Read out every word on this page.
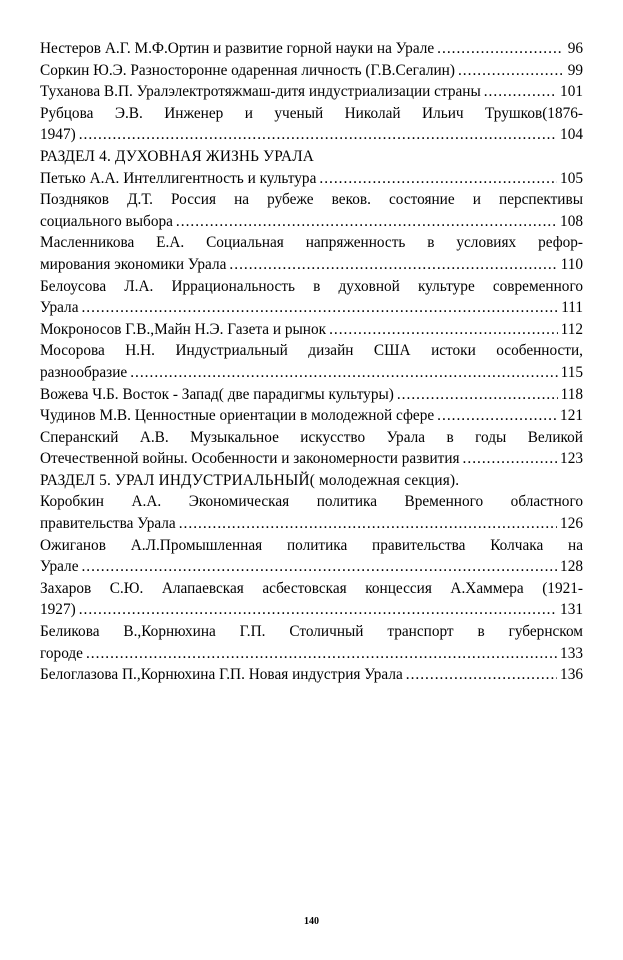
Нестеров А.Г. М.Ф.Ортин и развитие горной науки на Урале .....	96
Соркин Ю.Э. Разносторонне одаренная личность (Г.В.Сегалин) .....	99
Туханова В.П. Уралэлектротяжмаш-дитя индустриализации страны .....	101
Рубцова Э.В. Инженер и ученый Николай Ильич Трушков(1876-
1947) .....	104
РАЗДЕЛ 4. ДУХОВНАЯ ЖИЗНЬ УРАЛА
Петько А.А. Интеллигентность и культура .....	105
Поздняков Д.Т. Россия на рубеже веков. состояние и перспективы
социального выбора .....	108
Масленникова Е.А. Социальная напряженность в условиях рефор-
мирования экономики Урала .....	110
Белоусова Л.А. Иррациональность в духовной культуре современного
Урала .....	111
Мокроносов Г.В.,Майн Н.Э. Газета и рынок .....	112
Мосорова Н.Н. Индустриальный дизайн США истоки особенности,
разнообразие .....	115
Вожева Ч.Б. Восток - Запад( две парадигмы культуры) .....	118
Чудинов М.В. Ценностные ориентации в молодежной сфере .....	121
Сперанский А.В. Музыкальное искусство Урала в годы Великой
Отечественной войны. Особенности и закономерности развития .....	123
РАЗДЕЛ 5. УРАЛ ИНДУСТРИАЛЬНЫЙ( молодежная секция).
Коробкин А.А. Экономическая политика Временного областного
правительства Урала .....	126
Ожиганов А.Л.Промышленная политика правительства Колчака на
Урале .....	128
Захаров С.Ю. Алапаевская асбестовская концессия А.Хаммера (1921-
1927) .....	131
Беликова В.,Корнюхина Г.П. Столичный транспорт в губернском
городе .....	133
Белоглазова П.,Корнюхина Г.П. Новая индустрия Урала .....	136
140
